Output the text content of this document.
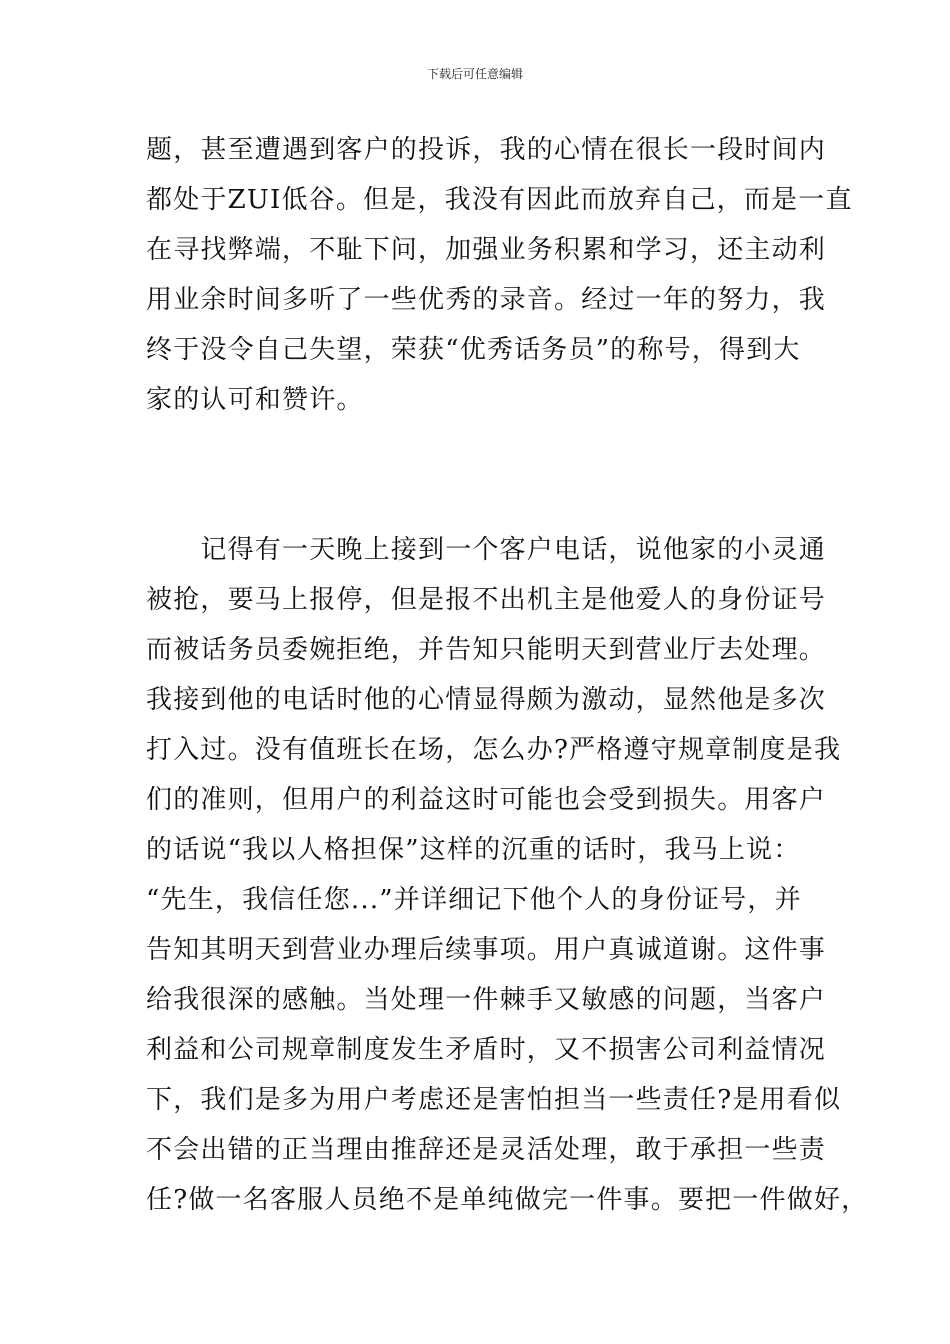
下载后可任意编辑
题，甚至遭遇到客户的投诉，我的心情在很长一段时间内
都处于ZUI低谷。但是，我没有因此而放弃自己，而是一直
在寻找弊端，不耻下问，加强业务积累和学习，还主动利
用业余时间多听了一些优秀的录音。经过一年的努力，我
终于没令自己失望，荣获“优秀话务员”的称号，得到大
家的认可和赞许。
　　记得有一天晚上接到一个客户电话，说他家的小灵通
被抢，要马上报停，但是报不出机主是他爱人的身份证号
而被话务员委婉拒绝，并告知只能明天到营业厅去处理。
我接到他的电话时他的心情显得颇为激动，显然他是多次
打入过。没有值班长在场，怎么办?严格遵守规章制度是我
们的准则，但用户的利益这时可能也会受到损失。用客户
的话说“我以人格担保”这样的沉重的话时，我马上说：
“先生，我信任您...”并详细记下他个人的身份证号，并
告知其明天到营业办理后续事项。用户真诚道谢。这件事
给我很深的感触。当处理一件棘手又敏感的问题，当客户
利益和公司规章制度发生矛盾时，又不损害公司利益情况
下，我们是多为用户考虑还是害怕担当一些责任?是用看似
不会出错的正当理由推辞还是灵活处理，敢于承担一些责
任?做一名客服人员绝不是单纯做完一件事。要把一件做好，
